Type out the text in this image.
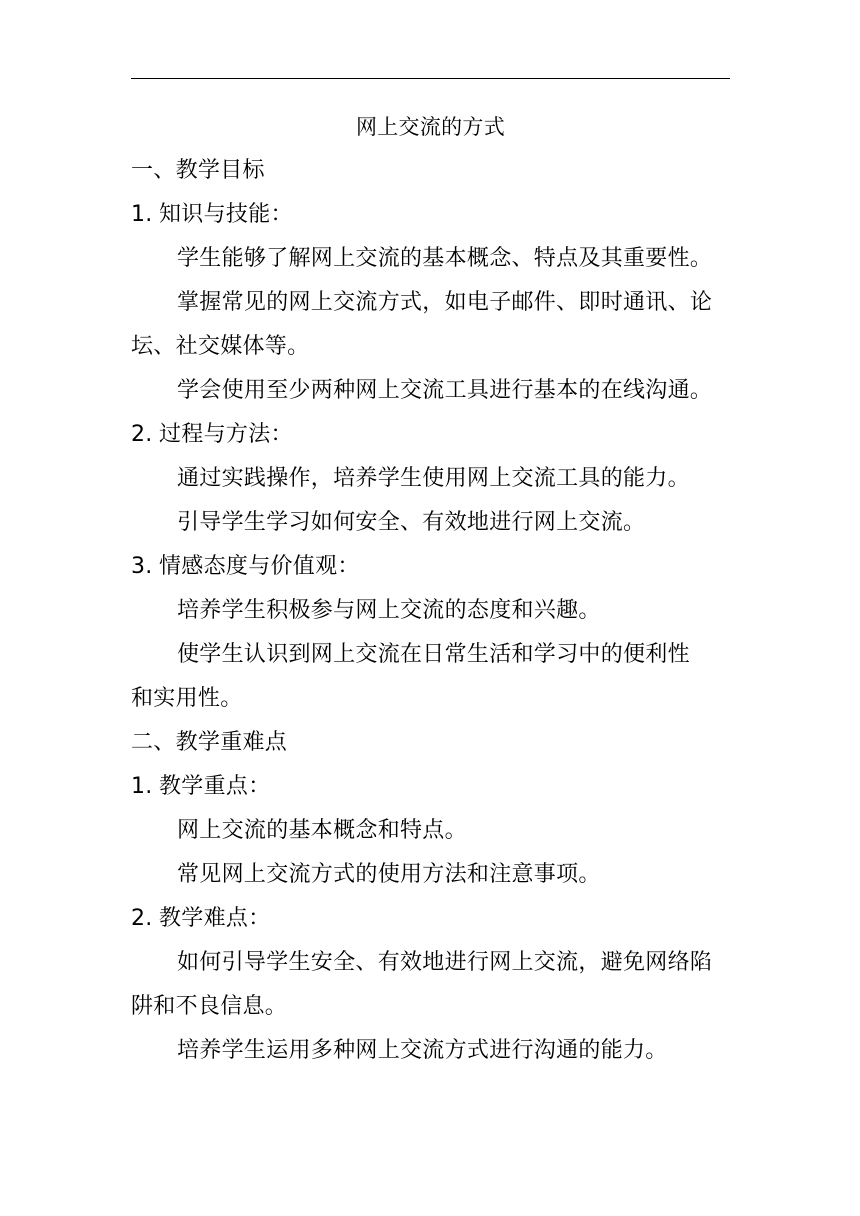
网上交流的方式
一、教学目标
1. 知识与技能：
学生能够了解网上交流的基本概念、特点及其重要性。
掌握常见的网上交流方式，如电子邮件、即时通讯、论
坛、社交媒体等。
学会使用至少两种网上交流工具进行基本的在线沟通。
2. 过程与方法：
通过实践操作，培养学生使用网上交流工具的能力。
引导学生学习如何安全、有效地进行网上交流。
3. 情感态度与价值观：
培养学生积极参与网上交流的态度和兴趣。
使学生认识到网上交流在日常生活和学习中的便利性
和实用性。
二、教学重难点
1. 教学重点：
网上交流的基本概念和特点。
常见网上交流方式的使用方法和注意事项。
2. 教学难点：
如何引导学生安全、有效地进行网上交流，避免网络陷
阱和不良信息。
培养学生运用多种网上交流方式进行沟通的能力。
